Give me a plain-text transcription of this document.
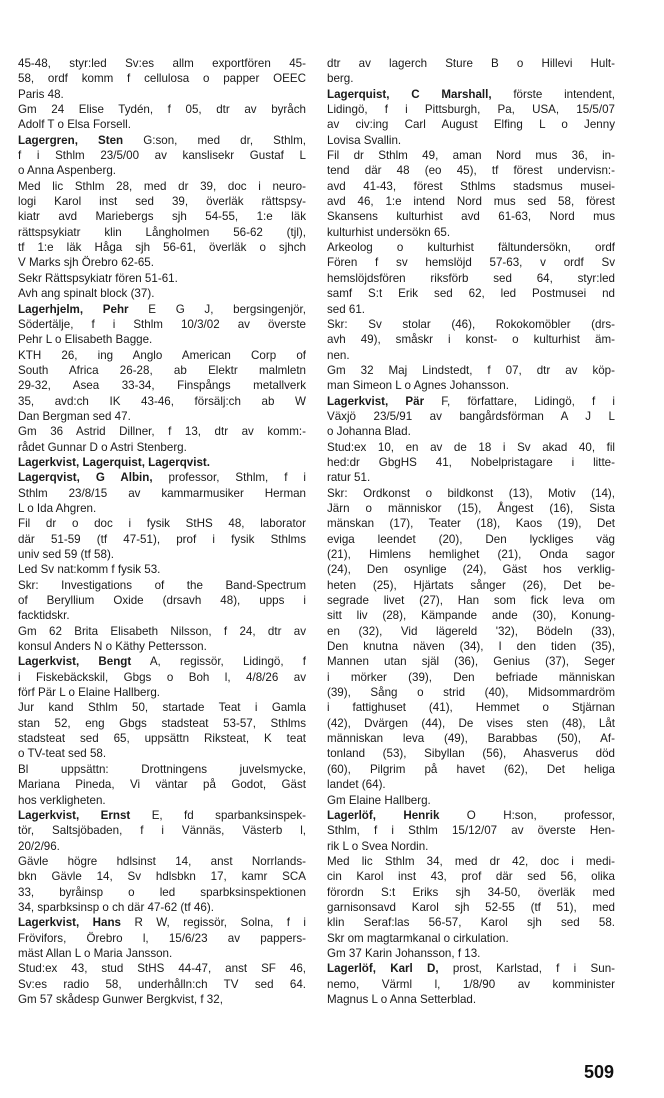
45-48, styr:led Sv:es allm exportfören 45-
58, ordf komm f cellulosa o papper OEEC
Paris 48.
Gm 24 Elise Tydén, f 05, dtr av byråch
Adolf T o Elsa Forsell.
Lagergren, Sten G:son, med dr, Sthlm,
f i Sthlm 23/5/00 av kanslisekr Gustaf L
o Anna Aspenberg.
Med lic Sthlm 28, med dr 39, doc i neuro-
logi Karol inst sed 39, överläk rättspsy-
kiatr avd Mariebergs sjh 54-55, 1:e läk
rättspsykiatr klin Långholmen 56-62 (tjl),
tf 1:e läk Håga sjh 56-61, överläk o sjhch
V Marks sjh Örebro 62-65.
Sekr Rättspsykiatr fören 51-61.
Avh ang spinalt block (37).
Lagerhjelm, Pehr E G J, bergsingenjör,
Södertälje, f i Sthlm 10/3/02 av överste
Pehr L o Elisabeth Bagge.
KTH 26, ing Anglo American Corp of
South Africa 26-28, ab Elektr malmletn
29-32, Asea 33-34, Finspångs metallverk
35, avd:ch IK 43-46, försälj:ch ab W
Dan Bergman sed 47.
Gm 36 Astrid Dillner, f 13, dtr av komm:-
rådet Gunnar D o Astri Stenberg.
Lagerkvist, Lagerquist, Lagerqvist.
Lagerqvist, G Albin, professor, Sthlm, f i
Sthlm 23/8/15 av kammarmusiker Herman
L o Ida Ahgren.
Fil dr o doc i fysik StHS 48, laborator
där 51-59 (tf 47-51), prof i fysik Sthlms
univ sed 59 (tf 58).
Led Sv nat:komm f fysik 53.
Skr: Investigations of the Band-Spectrum
of Beryllium Oxide (drsavh 48), upps i
facktidskr.
Gm 62 Brita Elisabeth Nilsson, f 24, dtr av
konsul Anders N o Käthy Pettersson.
Lagerkvist, Bengt A, regissör, Lidingö, f
i Fiskebäckskil, Gbgs o Boh l, 4/8/26 av
förf Pär L o Elaine Hallberg.
Jur kand Sthlm 50, startade Teat i Gamla
stan 52, eng Gbgs stadsteat 53-57, Sthlms
stadsteat sed 65, uppsättn Riksteat, K teat
o TV-teat sed 58.
Bl uppsättn: Drottningens juvelsmycke,
Mariana Pineda, Vi väntar på Godot, Gäst
hos verkligheten.
Lagerkvist, Ernst E, fd sparbanksinspek-
tör, Saltsjöbaden, f i Vännäs, Västerb l,
20/2/96.
Gävle högre hdlsinst 14, anst Norrlands-
bkn Gävle 14, Sv hdlsbkn 17, kamr SCA
33, byråinsp o led sparbksinspektionen
34, sparbksinsp o ch där 47-62 (tf 46).
Lagerkvist, Hans R W, regissör, Solna, f i
Frövifors, Örebro l, 15/6/23 av pappers-
mäst Allan L o Maria Jansson.
Stud:ex 43, stud StHS 44-47, anst SF 46,
Sv:es radio 58, underhålln:ch TV sed 64.
Gm 57 skådesp Gunwer Bergkvist, f 32,
dtr av lagerch Sture B o Hillevi Hult-
berg.
Lagerquist, C Marshall, förste intendent,
Lidingö, f i Pittsburgh, Pa, USA, 15/5/07
av civ:ing Carl August Elfing L o Jenny
Lovisa Svallin.
Fil dr Sthlm 49, aman Nord mus 36, in-
tend där 48 (eo 45), tf förest undervisn:-
avd 41-43, förest Sthlms stadsmus musei-
avd 46, 1:e intend Nord mus sed 58, förest
Skansens kulturhist avd 61-63, Nord mus
kulturhist undersökn 65.
Arkeolog o kulturhist fältundersökn, ordf
Fören f sv hemslöjd 57-63, v ordf Sv
hemslöjdsfören riksförb sed 64, styr:led
samf S:t Erik sed 62, led Postmusei nd
sed 61.
Skr: Sv stolar (46), Rokokomöbler (drs-
avh 49), småskr i konst- o kulturhist äm-
nen.
Gm 32 Maj Lindstedt, f 07, dtr av köp-
man Simeon L o Agnes Johansson.
Lagerkvist, Pär F, författare, Lidingö, f i
Växjö 23/5/91 av bangårdsförman A J L
o Johanna Blad.
Stud:ex 10, en av de 18 i Sv akad 40, fil
hed:dr GbgHS 41, Nobelpristagare i litte-
ratur 51.
Skr: Ordkonst o bildkonst (13), Motiv (14),
Järn o människor (15), Ångest (16), Sista
mänskan (17), Teater (18), Kaos (19), Det
eviga leendet (20), Den lyckliges väg
(21), Himlens hemlighet (21), Onda sagor
(24), Den osynlige (24), Gäst hos verklig-
heten (25), Hjärtats sånger (26), Det be-
segrade livet (27), Han som fick leva om
sitt liv (28), Kämpande ande (30), Konung-
en (32), Vid lägereld '32), Bödeln (33),
Den knutna näven (34), I den tiden (35),
Mannen utan själ (36), Genius (37), Seger
i mörker (39), Den befriade människan
(39), Sång o strid (40), Midsommardröm
i fattighuset (41), Hemmet o Stjärnan
(42), Dvärgen (44), De vises sten (48), Låt
människan leva (49), Barabbas (50), Af-
tonland (53), Sibyllan (56), Ahasverus död
(60), Pilgrim på havet (62), Det heliga
landet (64).
Gm Elaine Hallberg.
Lagerlöf, Henrik O H:son, professor,
Sthlm, f i Sthlm 15/12/07 av överste Hen-
rik L o Svea Nordin.
Med lic Sthlm 34, med dr 42, doc i medi-
cin Karol inst 43, prof där sed 56, olika
förordn S:t Eriks sjh 34-50, överläk med
garnisonsavd Karol sjh 52-55 (tf 51), med
klin Seraf:las 56-57, Karol sjh sed 58.
Skr om magtarmkanal o cirkulation.
Gm 37 Karin Johansson, f 13.
Lagerlöf, Karl D, prost, Karlstad, f i Sun-
nemo, Värml l, 1/8/90 av komminister
Magnus L o Anna Setterblad.
509
